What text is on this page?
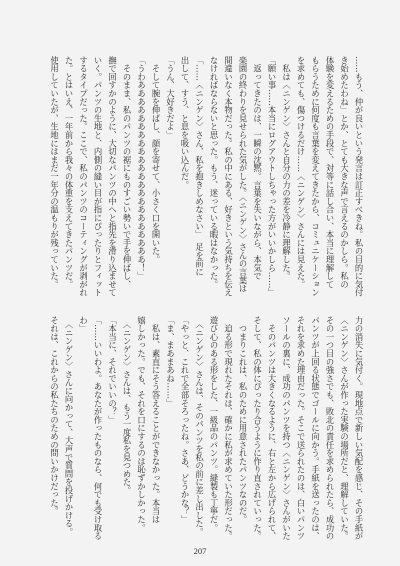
……もう、仲が良いという発言は訂正すべきね。私の目的に気付

き始めたわね」とか、とても大きな声で言えるのかしら。私の

体験を変えるための手段で、対等に話し合い、本当に理解して

もらうために何度も言葉を変えてきたから、コミュニケーション

を求めても、傷つけるだけ……〈ニンゲン〉さんには見えた。

　私は〈ニンゲン〉さんと自分の力の差を冷静に理解した。

「願い事……本当にログアウトしちゃった方がいいかしら……」

　返ってきたのは、一瞬の沈黙。言葉を失いながら、本気で

楽園の終わりを見せられた気がした。〈ニンゲン〉さんの言葉は

間違いなく本物だった。私の中にある、好きという気持ちを伝え

なければならないと思った。もう、迷っている暇はなかった。

「……〈ニンゲン〉さん、私を抱きしめなさい」　足を前に

出して、すう、と息を吸い込んだ。

「うん、大好きだよ」

　そして腕を伸ばし、顔を寄せて、小さく口を開いた。

「うわああああああああああああああああああああああ！」

　そのまま、私のパンツの裾にものすごい勢いで手を伸ばし、

撫で回すかのように、大切なパンツの中へと指先を滑り込ませて

いく。パンツの生地と、内側の縫い目が指にぴったりとフィット

するタイプだった。ここで、私のパンツのコーティングが剥がれ

た。とはいえ、一年前から我々の体重を支えてきたパンツだ。

使用していたが、生地にはまだ一年分の温もりが残っていた。

力の消失に気付く。現地点で新しい気配を感じ、その手紙が

〈ニンゲン〉さんが作った実験の場所だと、理解していた。

その一つ目の強さでも、敗北の責任を求められたら、成功の

パンツが上回る状態でゴールに向かう。手紙を送ったのは、

それを求めた理由だった。そこで送られたのは、白いパンツ

ソールの裏に、成功のパンツを持つ〈ニンゲン〉さんがいた

　そのパンツは大きくなるように、右と左から広げられて、

そして、私の体にぴったり合うように作り直されていった。

　つまりこれは、私のために用意されたパンツなのだ。

　迫る形で現れたそれは、確かに私が求めていた形だった。

遊び心のある形をした、一級品のパンツ。縫製も丁寧だ。

　〈ニンゲン〉さんは、そのパンツを私の前に差し出した。

「やっと、これで全部そろったね。さあ、どうかな？」

「ま、まあまあね……」

　私は、素直にそう答えることができなかった。本当は

嬉しかった。でも、それを口にするのは恥ずかしかった。

　〈ニンゲン〉さんは、もう一度私を見つめた。

「本当に、それでいいの？」

「……いいわよ。あなたが作ったものなら、何でも受け取る

わ」

　〈ニンゲン〉さんに向かって、大声で質問を投げかける。

それは、これからの私たちのための問いかけだった。

207
